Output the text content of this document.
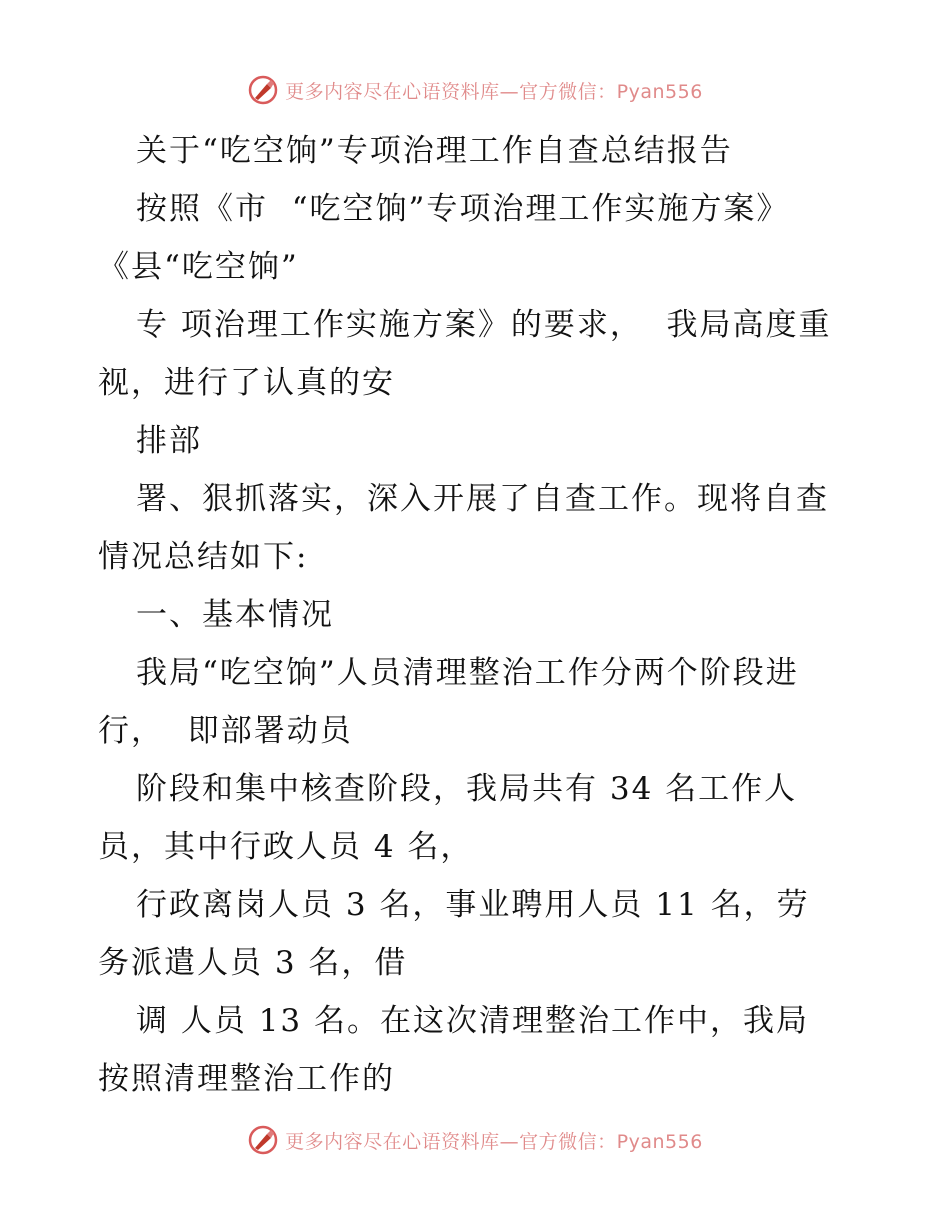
更多内容尽在心语资料库—官方微信：Pyan556

关于“吃空饷”专项治理工作自查总结报告

按照《市  “吃空饷”专项治理工作实施方案》

《县“吃空饷”

专 项治理工作实施方案》的要求，  我局高度重

视，进行了认真的安

排部

署、狠抓落实，深入开展了自查工作。现将自查

情况总结如下:

一、基本情况

我局“吃空饷”人员清理整治工作分两个阶段进

行，  即部署动员

阶段和集中核查阶段，我局共有 34 名工作人

员，其中行政人员 4 名，

行政离岗人员 3 名，事业聘用人员 11 名，劳

务派遣人员 3 名，借

调 人员 13 名。在这次清理整治工作中，我局

按照清理整治工作的

更多内容尽在心语资料库—官方微信：Pyan556
